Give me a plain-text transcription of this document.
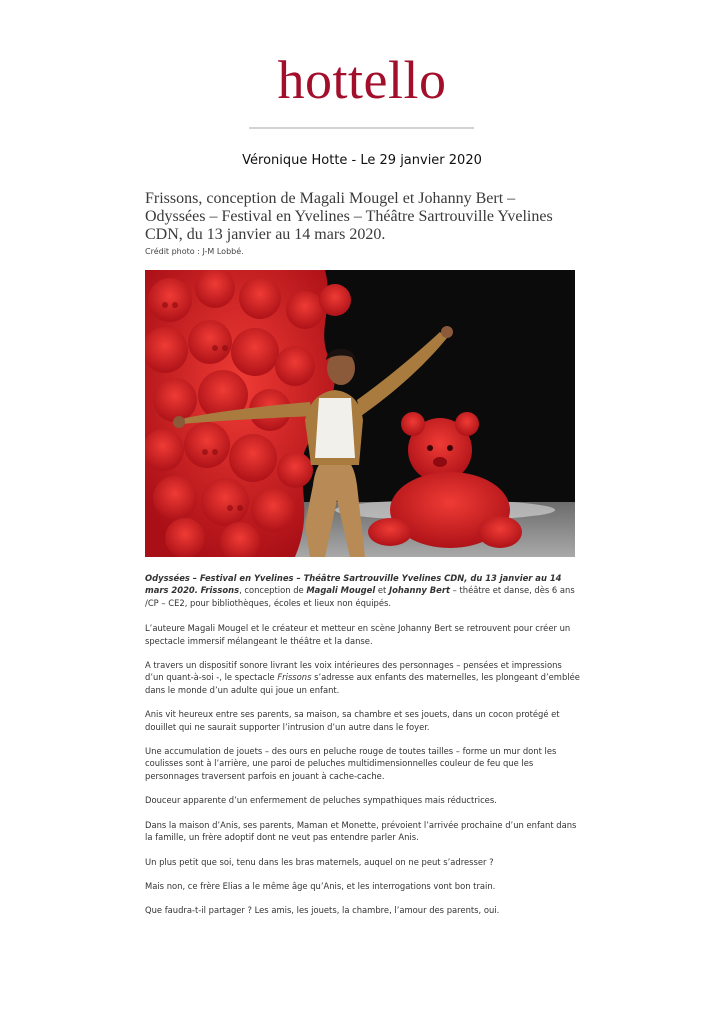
hottello
Véronique Hotte - Le 29 janvier 2020
Frissons, conception de Magali Mougel et Johanny Bert – Odyssées – Festival en Yvelines – Théâtre Sartrouville Yvelines CDN, du 13 janvier au 14 mars 2020.
Crédit photo : J-M Lobbé.

Odyssées – Festival en Yvelines – Théâtre Sartrouville Yvelines CDN, du 13 janvier au 14 mars 2020. Frissons, conception de Magali Mougel et Johanny Bert – théâtre et danse, dès 6 ans /CP – CE2, pour bibliothèques, écoles et lieux non équipés.

L’auteure Magali Mougel et le créateur et metteur en scène Johanny Bert se retrouvent pour créer un spectacle immersif mélangeant le théâtre et la danse.

A travers un dispositif sonore livrant les voix intérieures des personnages – pensées et impressions d’un quant-à-soi -, le spectacle Frissons s’adresse aux enfants des maternelles, les plongeant d’emblée dans le monde d’un adulte qui joue un enfant.

Anis vit heureux entre ses parents, sa maison, sa chambre et ses jouets, dans un cocon protégé et douillet qui ne saurait supporter l’intrusion d’un autre dans le foyer.

Une accumulation de jouets – des ours en peluche rouge de toutes tailles – forme un mur dont les coulisses sont à l’arrière, une paroi de peluches multidimensionnelles couleur de feu que les personnages traversent parfois en jouant à cache-cache.

Douceur apparente d’un enfermement de peluches sympathiques mais réductrices.

Dans la maison d’Anis, ses parents, Maman et Monette, prévoient l’arrivée prochaine d’un enfant dans la famille, un frère adoptif dont ne veut pas entendre parler Anis.

Un plus petit que soi, tenu dans les bras maternels, auquel on ne peut s’adresser ?

Mais non, ce frère Elias a le même âge qu’Anis, et les interrogations vont bon train.

Que faudra-t-il partager ? Les amis, les jouets, la chambre, l’amour des parents, oui.
